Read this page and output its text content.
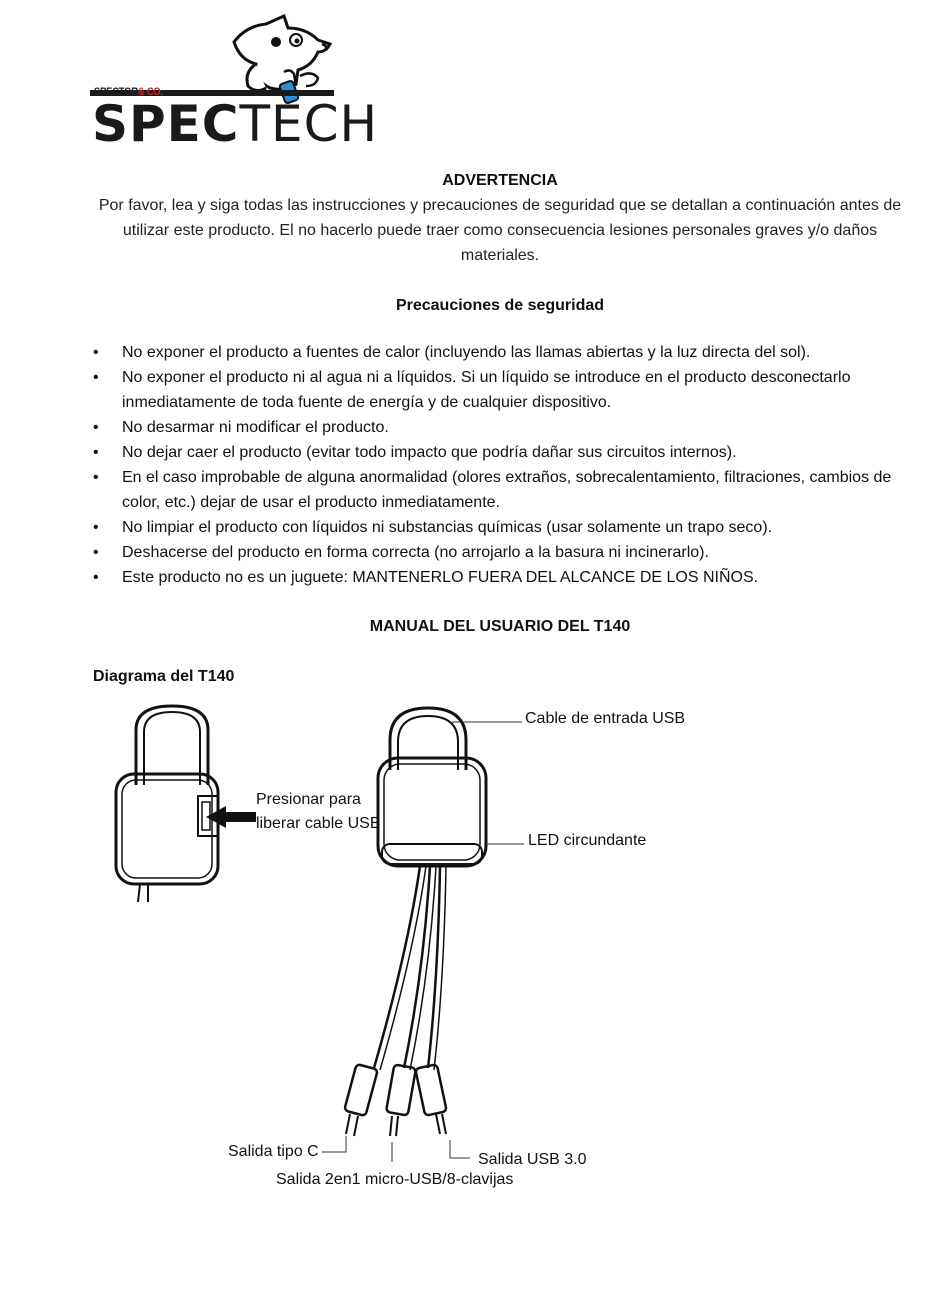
SPECTOR& CO.
SPECTECH
ADVERTENCIA
Por favor, lea y siga todas las instrucciones y precauciones de seguridad que se detallan a continuación antes de utilizar este producto. El no hacerlo puede traer como consecuencia lesiones personales graves y/o daños materiales.
Precauciones de seguridad
• No exponer el producto a fuentes de calor (incluyendo las llamas abiertas y la luz directa del sol).
• No exponer el producto ni al agua ni a líquidos. Si un líquido se introduce en el producto desconectarlo inmediatamente de toda fuente de energía y de cualquier dispositivo.
• No desarmar ni modificar el producto.
• No dejar caer el producto (evitar todo impacto que podría dañar sus circuitos internos).
• En el caso improbable de alguna anormalidad (olores extraños, sobrecalentamiento, filtraciones, cambios de color, etc.) dejar de usar el producto inmediatamente.
• No limpiar el producto con líquidos ni substancias químicas (usar solamente un trapo seco).
• Deshacerse del producto en forma correcta (no arrojarlo a la basura ni incinerarlo).
• Este producto no es un juguete: MANTENERLO FUERA DEL ALCANCE DE LOS NIÑOS.
MANUAL DEL USUARIO DEL T140
Diagrama del T140
Presionar para
liberar cable USB
Cable de entrada USB
LED circundante
Salida tipo C	Salida USB 3.0
Salida 2en1 micro-USB/8-clavijas
